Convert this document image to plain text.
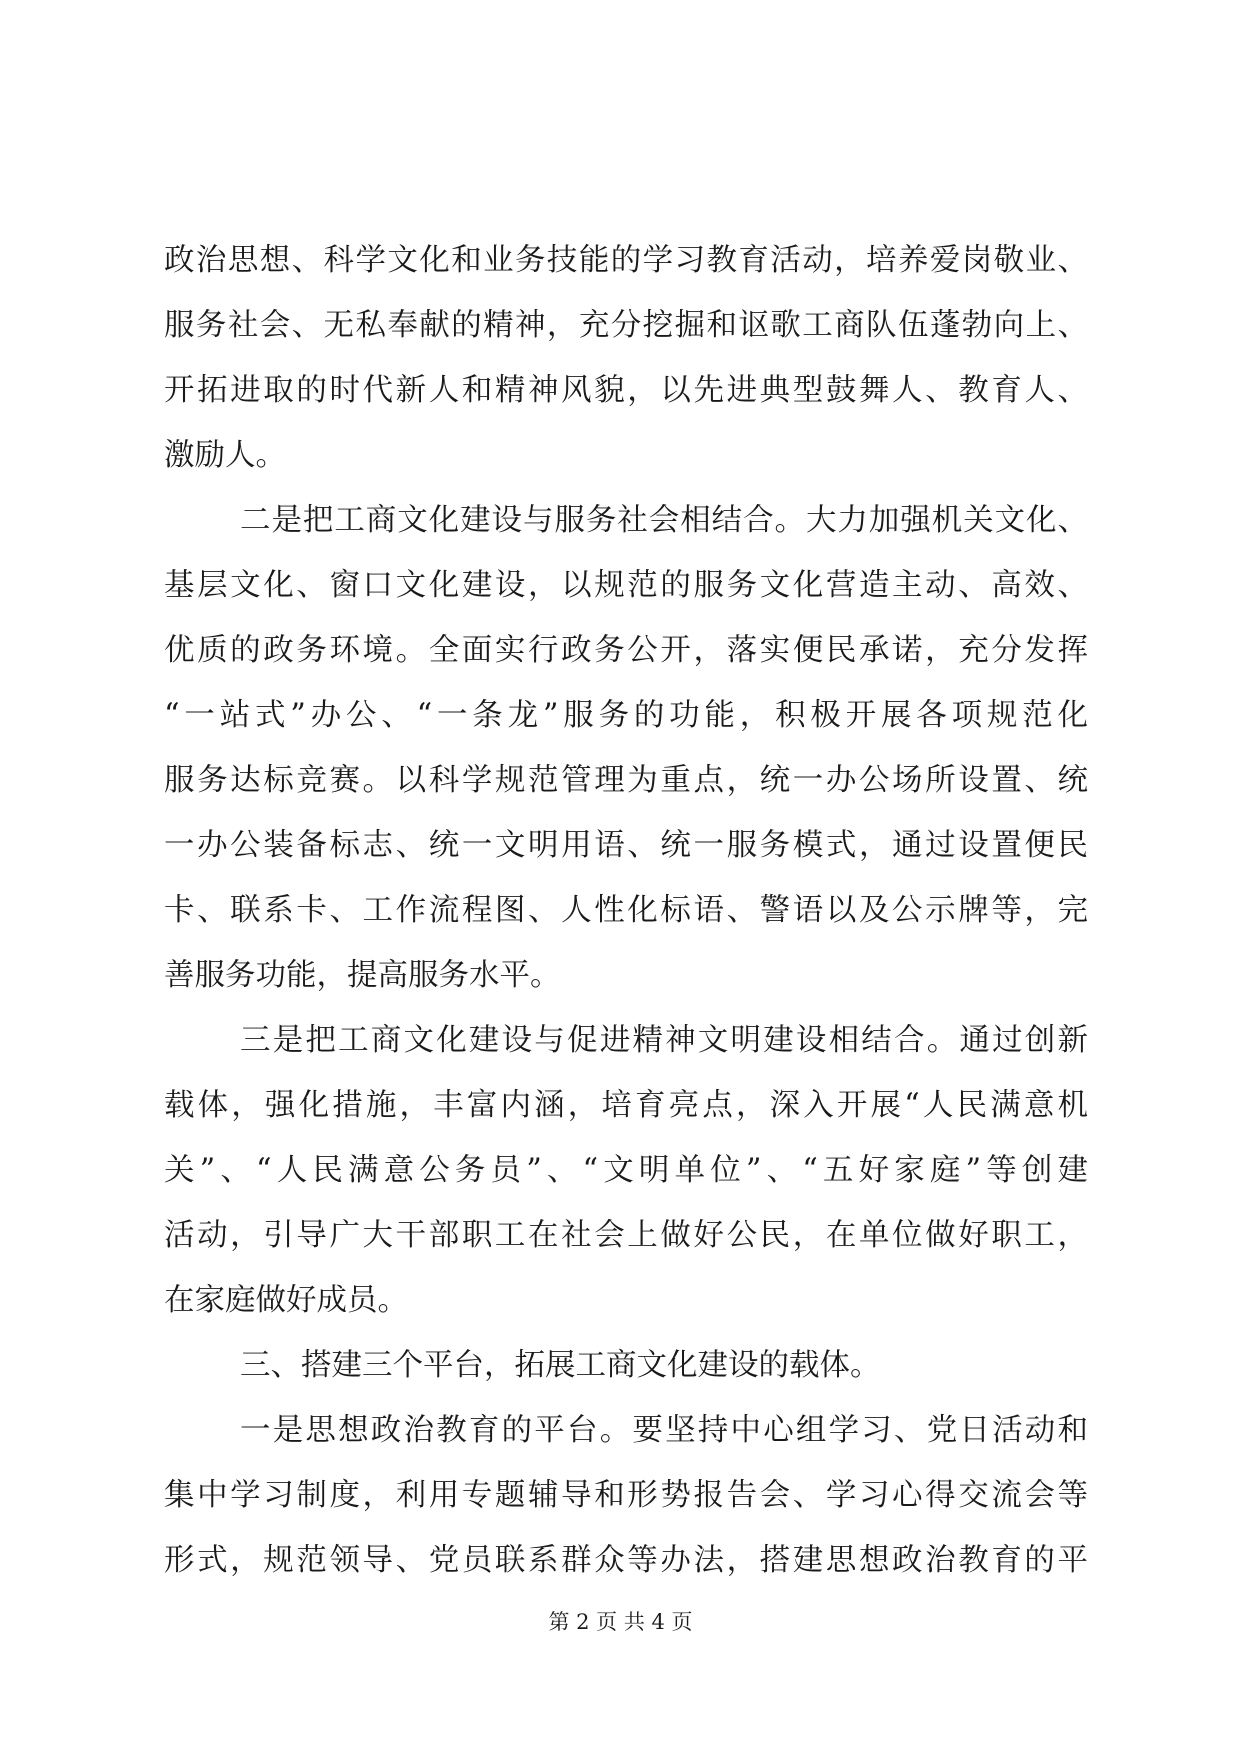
政治思想、科学文化和业务技能的学习教育活动，培养爱岗敬业、
服务社会、无私奉献的精神，充分挖掘和讴歌工商队伍蓬勃向上、
开拓进取的时代新人和精神风貌，以先进典型鼓舞人、教育人、
激励人。
二是把工商文化建设与服务社会相结合。大力加强机关文化、
基层文化、窗口文化建设，以规范的服务文化营造主动、高效、
优质的政务环境。全面实行政务公开，落实便民承诺，充分发挥
“一站式”办公、“一条龙”服务的功能，积极开展各项规范化
服务达标竞赛。以科学规范管理为重点，统一办公场所设置、统
一办公装备标志、统一文明用语、统一服务模式，通过设置便民
卡、联系卡、工作流程图、人性化标语、警语以及公示牌等，完
善服务功能，提高服务水平。
三是把工商文化建设与促进精神文明建设相结合。通过创新
载体，强化措施，丰富内涵，培育亮点，深入开展“人民满意机
关”、“人民满意公务员”、“文明单位”、“五好家庭”等创建
活动，引导广大干部职工在社会上做好公民，在单位做好职工，
在家庭做好成员。
三、搭建三个平台，拓展工商文化建设的载体。
一是思想政治教育的平台。要坚持中心组学习、党日活动和
集中学习制度，利用专题辅导和形势报告会、学习心得交流会等
形式，规范领导、党员联系群众等办法，搭建思想政治教育的平
第 2 页 共 4 页
